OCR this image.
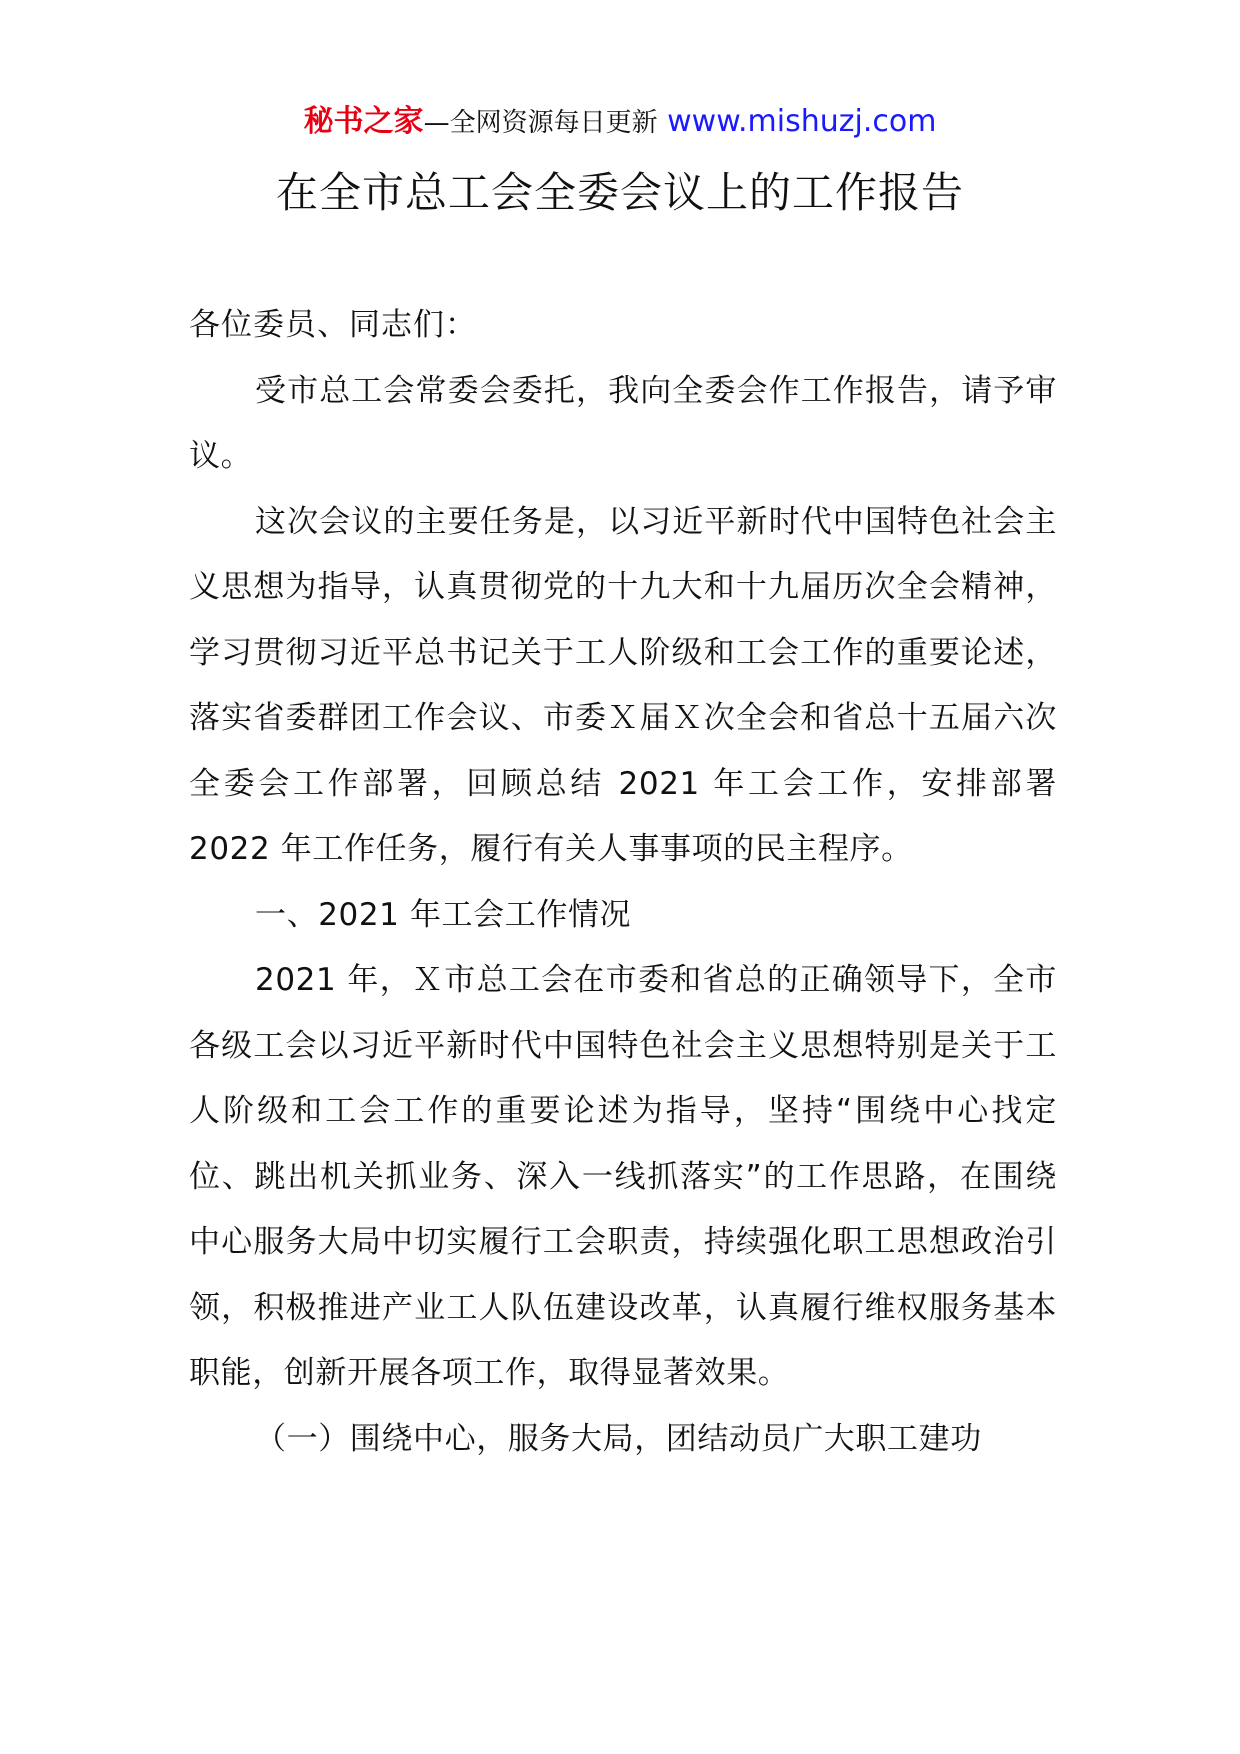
秘书之家—全网资源每日更新 www.mishuzj.com
在全市总工会全委会议上的工作报告

各位委员、同志们：

受市总工会常委会委托，我向全委会作工作报告，请予审议。

这次会议的主要任务是，以习近平新时代中国特色社会主义思想为指导，认真贯彻党的十九大和十九届历次全会精神，学习贯彻习近平总书记关于工人阶级和工会工作的重要论述，落实省委群团工作会议、市委Ｘ届Ｘ次全会和省总十五届六次全委会工作部署，回顾总结 2021 年工会工作，安排部署 2022 年工作任务，履行有关人事事项的民主程序。

一、2021 年工会工作情况

2021 年，Ｘ市总工会在市委和省总的正确领导下，全市各级工会以习近平新时代中国特色社会主义思想特别是关于工人阶级和工会工作的重要论述为指导，坚持“围绕中心找定位、跳出机关抓业务、深入一线抓落实”的工作思路，在围绕中心服务大局中切实履行工会职责，持续强化职工思想政治引领，积极推进产业工人队伍建设改革，认真履行维权服务基本职能，创新开展各项工作，取得显著效果。

（一）围绕中心，服务大局，团结动员广大职工建功
